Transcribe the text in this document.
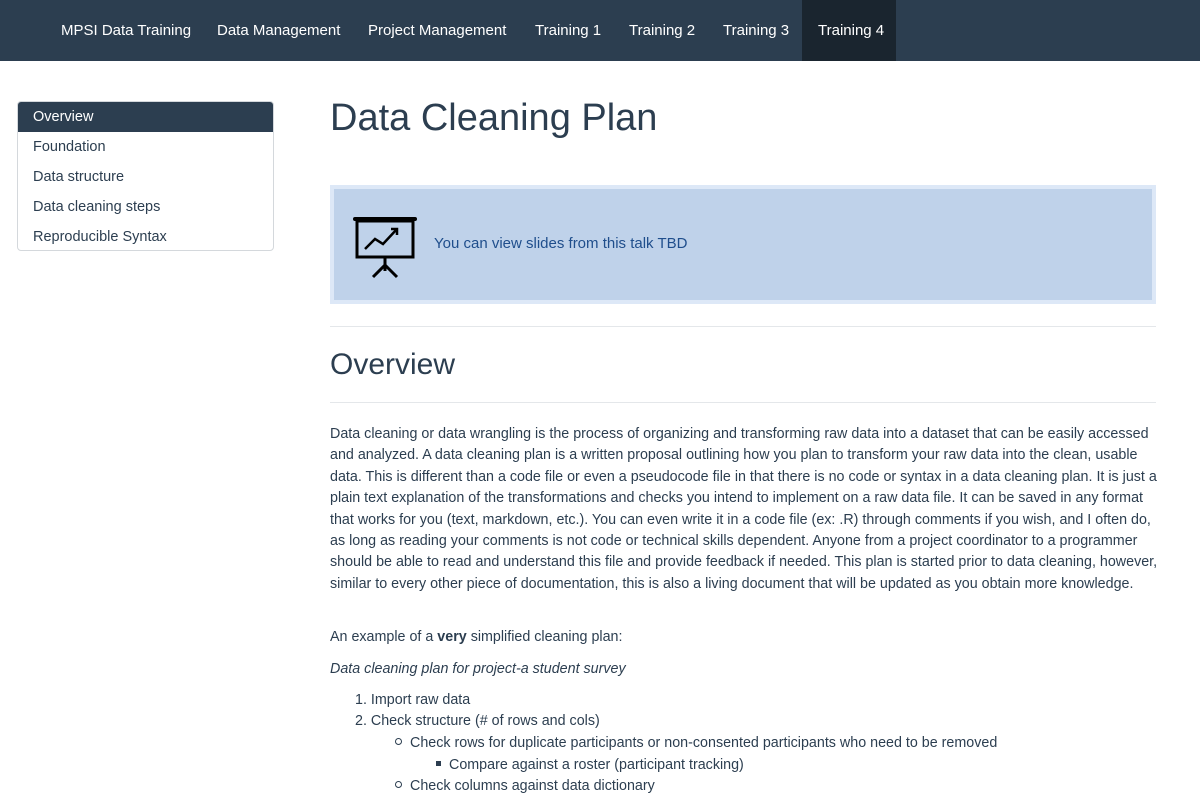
MPSI Data Training Data Management Project Management Training 1 Training 2 Training 3	Training 4
Overview
Foundation
Data structure
Data cleaning steps
Reproducible Syntax
Data Cleaning Plan
You can view slides from this talk TBD
Overview

Data cleaning or data wrangling is the process of organizing and transforming raw data into a dataset that can be easily accessed and analyzed. A data cleaning plan is a written proposal outlining how you plan to transform your raw data into the clean, usable data. This is different than a code file or even a pseudocode file in that there is no code or syntax in a data cleaning plan. It is just a plain text explanation of the transformations and checks you intend to implement on a raw data file. It can be saved in any format that works for you (text, markdown, etc.). You can even write it in a code file (ex: .R) through comments if you wish, and I often do, as long as reading your comments is not code or technical skills dependent. Anyone from a project coordinator to a programmer should be able to read and understand this file and provide feedback if needed. This plan is started prior to data cleaning, however, similar to every other piece of documentation, this is also a living document that will be updated as you obtain more knowledge.

An example of a very simplified cleaning plan:

Data cleaning plan for project-a student survey

1. Import raw data
2. Check structure (# of rows and cols)
Check rows for duplicate participants or non-consented participants who need to be removed
Compare against a roster (participant tracking)
Check columns against data dictionary
